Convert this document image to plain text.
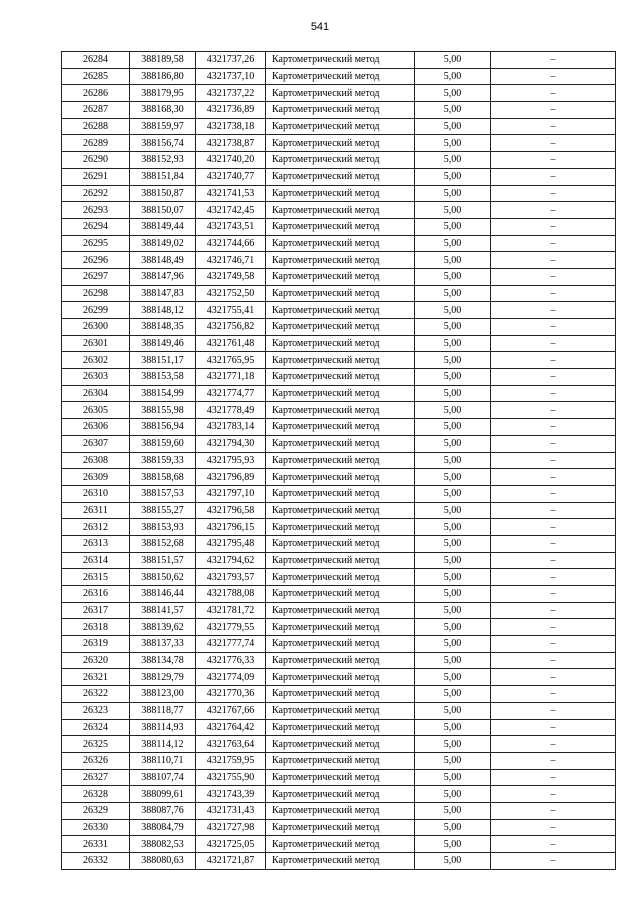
541
26284	388189,58	4321737,26	Картометрический метод	5,00	–
26285	388186,80	4321737,10	Картометрический метод	5,00	–
26286	388179,95	4321737,22	Картометрический метод	5,00	–
26287	388168,30	4321736,89	Картометрический метод	5,00	–
26288	388159,97	4321738,18	Картометрический метод	5,00	–
26289	388156,74	4321738,87	Картометрический метод	5,00	–
26290	388152,93	4321740,20	Картометрический метод	5,00	–
26291	388151,84	4321740,77	Картометрический метод	5,00	–
26292	388150,87	4321741,53	Картометрический метод	5,00	–
26293	388150,07	4321742,45	Картометрический метод	5,00	–
26294	388149,44	4321743,51	Картометрический метод	5,00	–
26295	388149,02	4321744,66	Картометрический метод	5,00	–
26296	388148,49	4321746,71	Картометрический метод	5,00	–
26297	388147,96	4321749,58	Картометрический метод	5,00	–
26298	388147,83	4321752,50	Картометрический метод	5,00	–
26299	388148,12	4321755,41	Картометрический метод	5,00	–
26300	388148,35	4321756,82	Картометрический метод	5,00	–
26301	388149,46	4321761,48	Картометрический метод	5,00	–
26302	388151,17	4321765,95	Картометрический метод	5,00	–
26303	388153,58	4321771,18	Картометрический метод	5,00	–
26304	388154,99	4321774,77	Картометрический метод	5,00	–
26305	388155,98	4321778,49	Картометрический метод	5,00	–
26306	388156,94	4321783,14	Картометрический метод	5,00	–
26307	388159,60	4321794,30	Картометрический метод	5,00	–
26308	388159,33	4321795,93	Картометрический метод	5,00	–
26309	388158,68	4321796,89	Картометрический метод	5,00	–
26310	388157,53	4321797,10	Картометрический метод	5,00	–
26311	388155,27	4321796,58	Картометрический метод	5,00	–
26312	388153,93	4321796,15	Картометрический метод	5,00	–
26313	388152,68	4321795,48	Картометрический метод	5,00	–
26314	388151,57	4321794,62	Картометрический метод	5,00	–
26315	388150,62	4321793,57	Картометрический метод	5,00	–
26316	388146,44	4321788,08	Картометрический метод	5,00	–
26317	388141,57	4321781,72	Картометрический метод	5,00	–
26318	388139,62	4321779,55	Картометрический метод	5,00	–
26319	388137,33	4321777,74	Картометрический метод	5,00	–
26320	388134,78	4321776,33	Картометрический метод	5,00	–
26321	388129,79	4321774,09	Картометрический метод	5,00	–
26322	388123,00	4321770,36	Картометрический метод	5,00	–
26323	388118,77	4321767,66	Картометрический метод	5,00	–
26324	388114,93	4321764,42	Картометрический метод	5,00	–
26325	388114,12	4321763,64	Картометрический метод	5,00	–
26326	388110,71	4321759,95	Картометрический метод	5,00	–
26327	388107,74	4321755,90	Картометрический метод	5,00	–
26328	388099,61	4321743,39	Картометрический метод	5,00	–
26329	388087,76	4321731,43	Картометрический метод	5,00	–
26330	388084,79	4321727,98	Картометрический метод	5,00	–
26331	388082,53	4321725,05	Картометрический метод	5,00	–
26332	388080,63	4321721,87	Картометрический метод	5,00	–
